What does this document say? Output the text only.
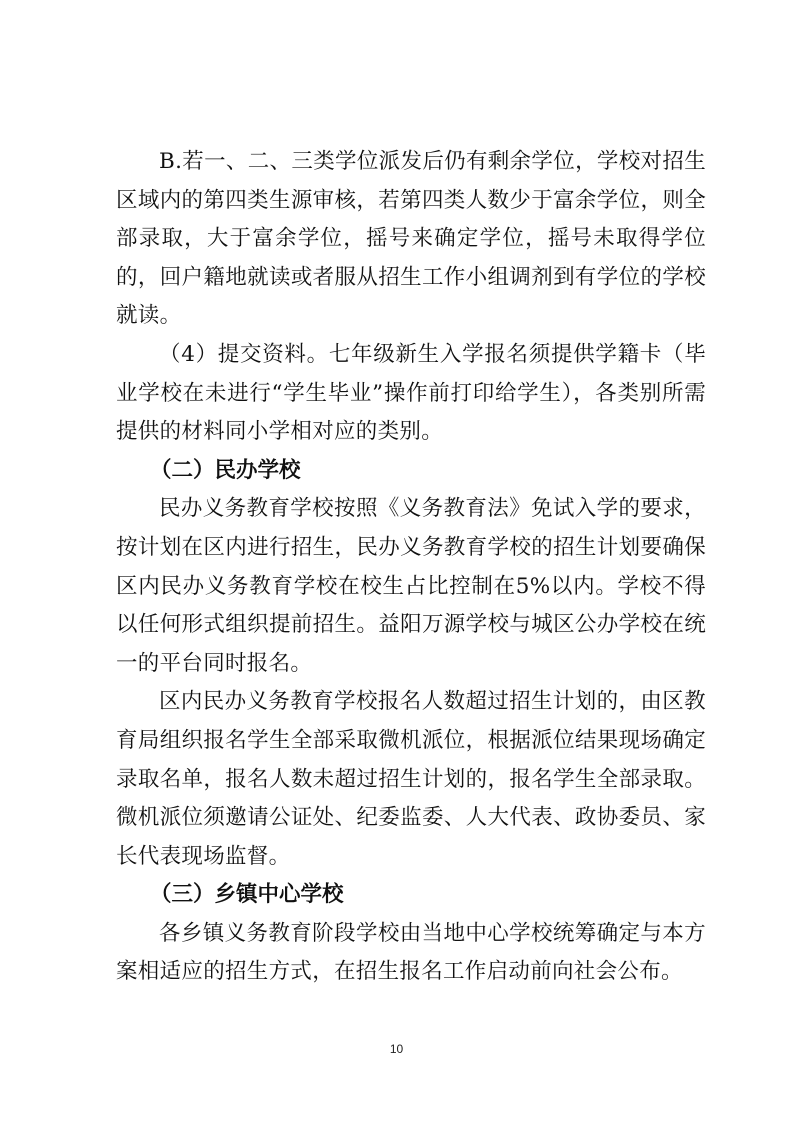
B.若一、二、三类学位派发后仍有剩余学位，学校对招生区域内的第四类生源审核，若第四类人数少于富余学位，则全部录取，大于富余学位，摇号来确定学位，摇号未取得学位的，回户籍地就读或者服从招生工作小组调剂到有学位的学校就读。

（4）提交资料。七年级新生入学报名须提供学籍卡（毕业学校在未进行“学生毕业”操作前打印给学生），各类别所需提供的材料同小学相对应的类别。

（二）民办学校

民办义务教育学校按照《义务教育法》免试入学的要求，按计划在区内进行招生，民办义务教育学校的招生计划要确保区内民办义务教育学校在校生占比控制在5%以内。学校不得以任何形式组织提前招生。益阳万源学校与城区公办学校在统一的平台同时报名。

区内民办义务教育学校报名人数超过招生计划的，由区教育局组织报名学生全部采取微机派位，根据派位结果现场确定录取名单，报名人数未超过招生计划的，报名学生全部录取。微机派位须邀请公证处、纪委监委、人大代表、政协委员、家长代表现场监督。

（三）乡镇中心学校

各乡镇义务教育阶段学校由当地中心学校统筹确定与本方案相适应的招生方式，在招生报名工作启动前向社会公布。

10
